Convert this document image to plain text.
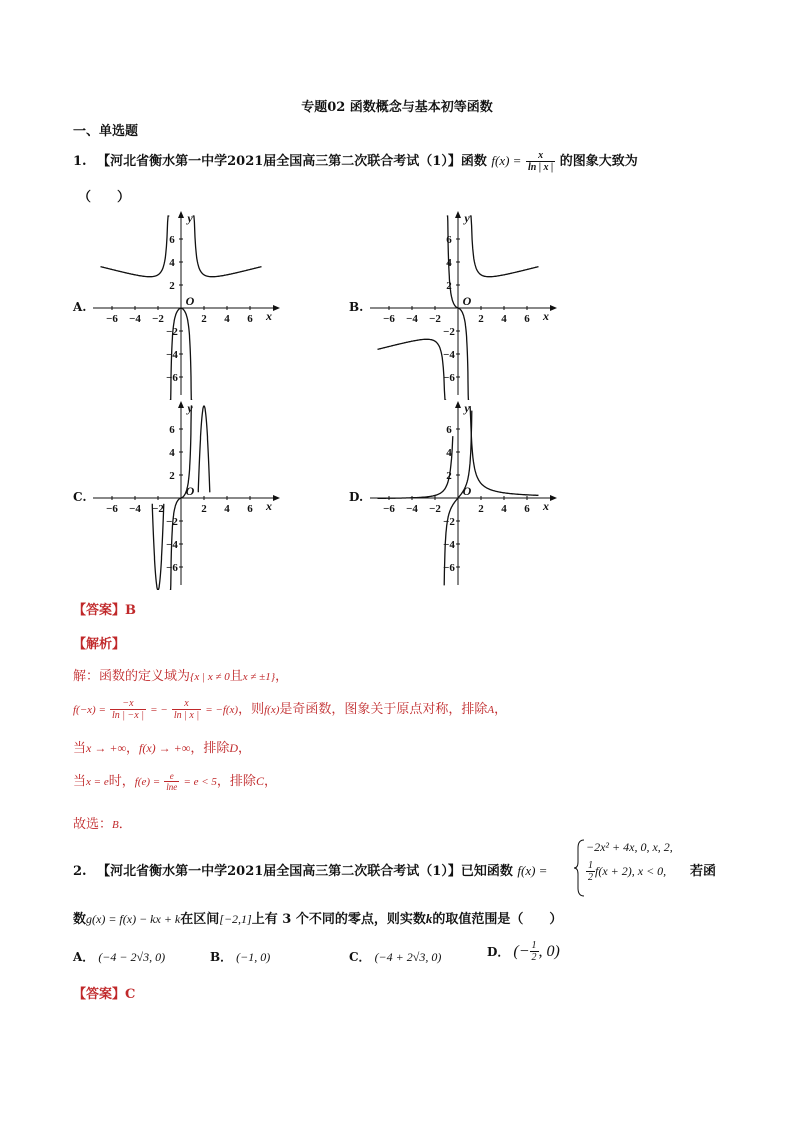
专题02 函数概念与基本初等函数
一、单选题
1. 【河北省衡水第一中学2021届全国高三第二次联合考试（1）】函数 $f(x) = \frac{x}{\ln | x |}$ 的图象大致为
（　　）
A.	B.
C.	D.
x
y
O
−6 −4 −2	2 4 6
6
4
2
−2
−4
−6
x
y
O
−6 −4 −2	2 4 6
6
4
2
−2
−4
−6
x
y
O
−6 −4 −2	2 4 6
6
4
2
−2
−4
−6
x
y
O
−6 −4 −2	2 4 6
6
4
2
−2
−4
−6
【答案】B
【解析】
解：函数的定义域为{x | x ≠ 0且x ≠ ±1}，
$f(-x) = \frac{-x}{\ln | -x |}$ = − $\frac{x}{\ln | x |} = -f(x)$，则f(x)是奇函数，图象关于原点对称，排除A，
当x → +∞，f(x) → +∞，排除D，
当x = e时，$f(e) = \frac{e}{\ln e} = e < 5$，排除C，
故选：B．
2. 【河北省衡水第一中学2021届全国高三第二次联合考试（1）】已知函数 f(x) =
−2x² + 4x, 0, x, 2,
$\frac{1}{2} f(x + 2)$, x < 0, 若函
数g(x) = f(x) − kx + k在区间[−2,1]上有 3 个不同的零点，则实数k的取值范围是（　　）
A． (−4 − 2√3, 0)	B． (−1, 0)	C． (−4 + 2√3, 0)	D． (− $\frac{1}{2}$ , 0)
【答案】C
